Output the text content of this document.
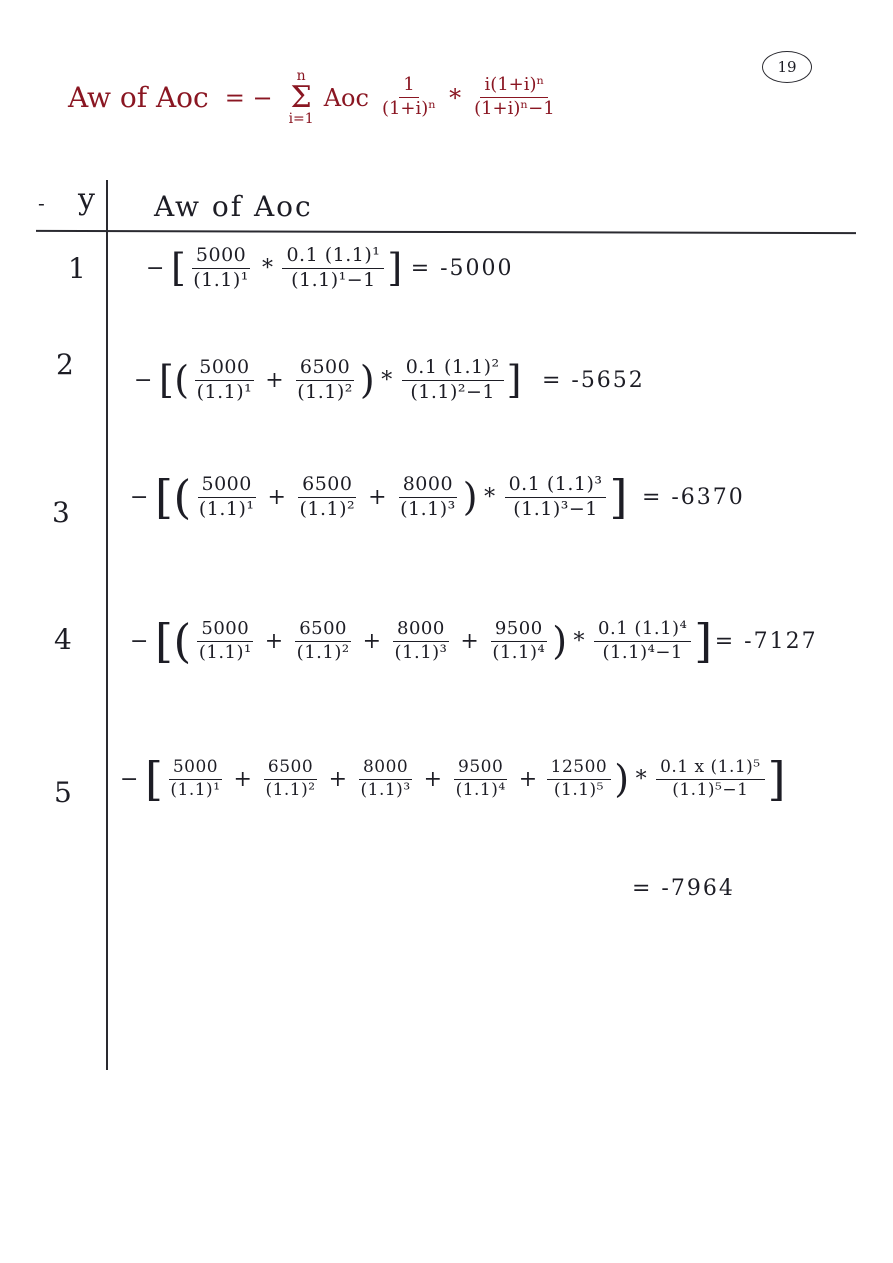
19
Aw of Aoc = −
n
Σ
i=1
Aoc $\frac{1}{\text{(1+i)ⁿ}} * \frac{\text{i(1+i)ⁿ}}{\text{(1+i)ⁿ−1}}$
- y Aw of Aoc
1	− [ $\frac{5000}{\text{(1.1)¹}} * \frac{\text{0.1 (1.1)¹}}{\text{(1.1)¹−1}}$ ] = -5000
2	− [( $\frac{5000}{\text{(1.1)¹}} + \frac{6500}{\text{(1.1)²}}$ ) * $\frac{\text{0.1 (1.1)²}}{\text{(1.1)²−1}}$ ] = -5652
3	− [( $\frac{5000}{\text{(1.1)¹}} + \frac{6500}{\text{(1.1)²}} + \frac{8000}{\text{(1.1)³}}$ ) * $\frac{\text{0.1 (1.1)³}}{\text{(1.1)³−1}}$ ] = -6370
4	− [( $\frac{5000}{\text{(1.1)¹}} + \frac{6500}{\text{(1.1)²}} + \frac{8000}{\text{(1.1)³}} + \frac{9500}{\text{(1.1)⁴}}$ ) * $\frac{\text{0.1 (1.1)⁴}}{\text{(1.1)⁴−1}}$ ] = -7127
5 − [ $\frac{5000}{\text{(1.1)¹}} + \frac{6500}{\text{(1.1)²}} + \frac{8000}{\text{(1.1)³}} + \frac{9500}{\text{(1.1)⁴}} + \frac{12500}{\text{(1.1)⁵}}$ ) * $\frac{\text{0.1 x (1.1)⁵}}{\text{(1.1)⁵−1}}$ ]
= -7964
